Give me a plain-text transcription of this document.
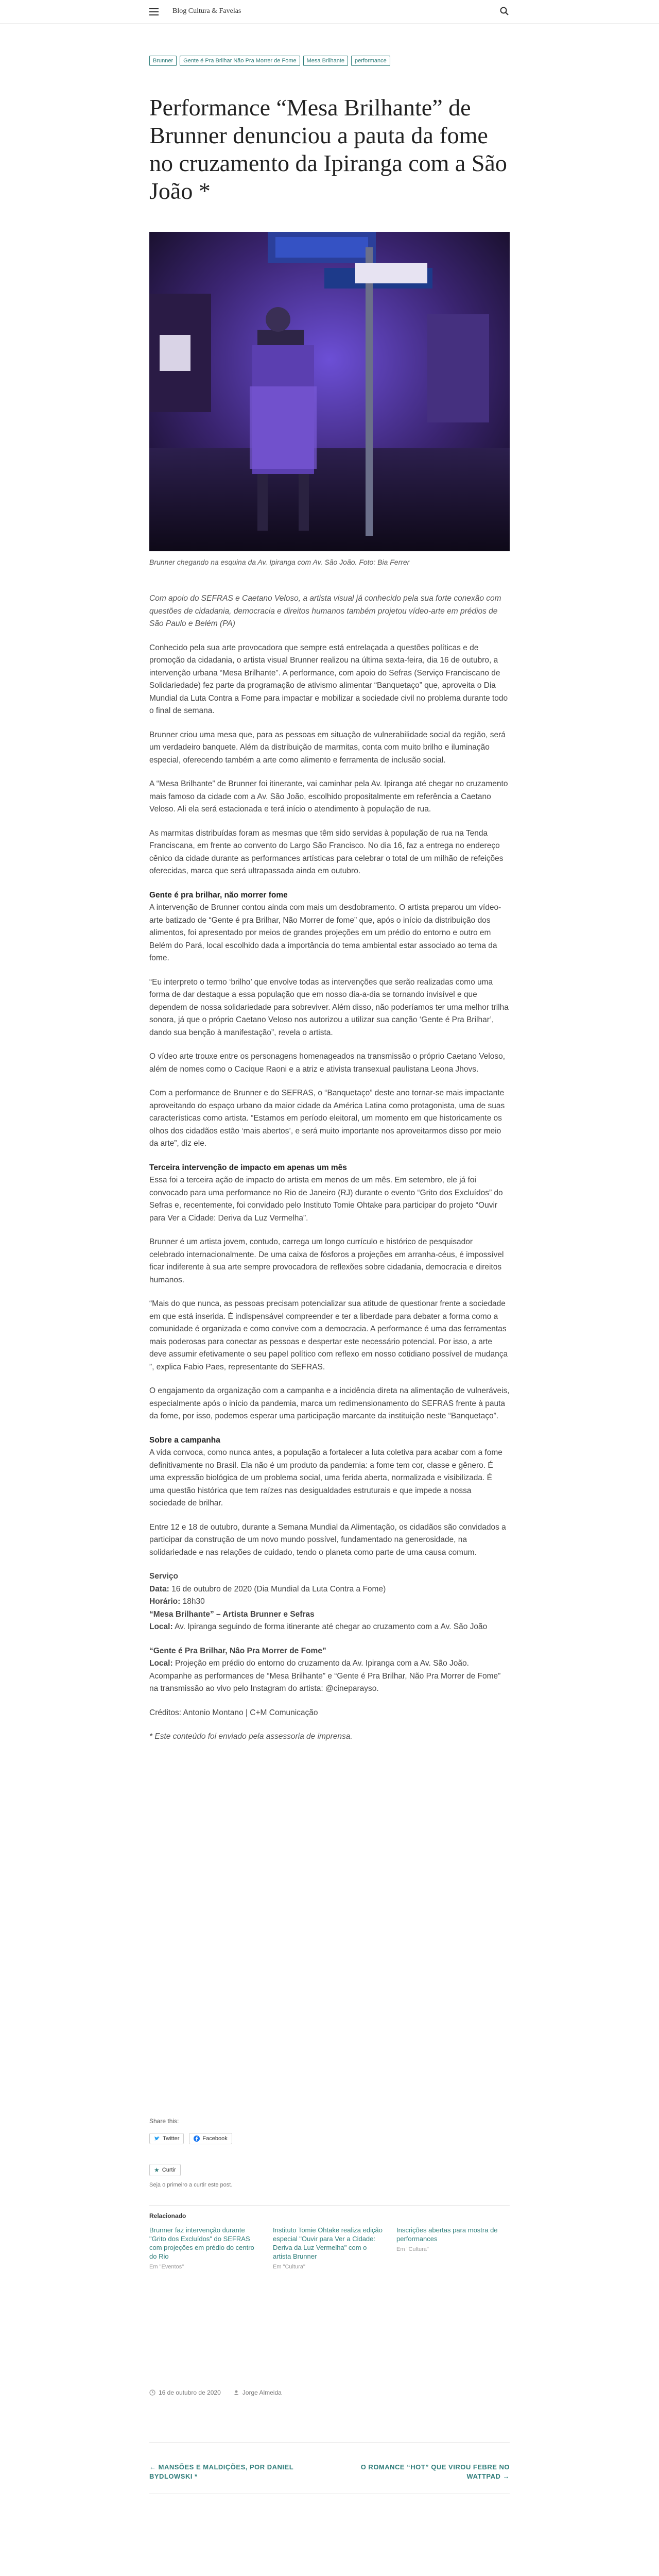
Blog Cultura & Favelas
Brunner	Gente é Pra Brilhar Não Pra Morrer de Fome	Mesa Brilhante	performance
Performance “Mesa Brilhante” de Brunner denunciou a pauta da fome no cruzamento da Ipiranga com a São João *

Brunner chegando na esquina da Av. Ipiranga com Av. São João. Foto: Bia Ferrer

Com apoio do SEFRAS e Caetano Veloso, a artista visual já conhecido pela sua forte conexão com questões de cidadania, democracia e direitos humanos também projetou vídeo-arte em prédios de São Paulo e Belém (PA)

Conhecido pela sua arte provocadora que sempre está entrelaçada a questões políticas e de promoção da cidadania, o artista visual Brunner realizou na última sexta-feira, dia 16 de outubro, a intervenção urbana “Mesa Brilhante”. A performance, com apoio do Sefras (Serviço Franciscano de Solidariedade) fez parte da programação de ativismo alimentar “Banquetaço” que, aproveita o Dia Mundial da Luta Contra a Fome para impactar e mobilizar a sociedade civil no problema durante todo o final de semana.

Brunner criou uma mesa que, para as pessoas em situação de vulnerabilidade social da região, será um verdadeiro banquete. Além da distribuição de marmitas, conta com muito brilho e iluminação especial, oferecendo também a arte como alimento e ferramenta de inclusão social.

A “Mesa Brilhante” de Brunner foi itinerante, vai caminhar pela Av. Ipiranga até chegar no cruzamento mais famoso da cidade com a Av. São João, escolhido propositalmente em referência a Caetano Veloso. Ali ela será estacionada e terá início o atendimento à população de rua.

As marmitas distribuídas foram as mesmas que têm sido servidas à população de rua na Tenda Franciscana, em frente ao convento do Largo São Francisco. No dia 16, faz a entrega no endereço cênico da cidade durante as performances artísticas para celebrar o total de um milhão de refeições oferecidas, marca que será ultrapassada ainda em outubro.

Gente é pra brilhar, não morrer fome

A intervenção de Brunner contou ainda com mais um desdobramento. O artista preparou um vídeo-arte batizado de “Gente é pra Brilhar, Não Morrer de fome” que, após o início da distribuição dos alimentos, foi apresentado por meios de grandes projeções em um prédio do entorno e outro em Belém do Pará, local escolhido dada a importância do tema ambiental estar associado ao tema da fome.

“Eu interpreto o termo ‘brilho’ que envolve todas as intervenções que serão realizadas como uma forma de dar destaque a essa população que em nosso dia-a-dia se tornando invisível e que dependem de nossa solidariedade para sobreviver. Além disso, não poderíamos ter uma melhor trilha sonora, já que o próprio Caetano Veloso nos autorizou a utilizar sua canção ‘Gente é Pra Brilhar’, dando sua benção à manifestação”, revela o artista.

O vídeo arte trouxe entre os personagens homenageados na transmissão o próprio Caetano Veloso, além de nomes como o Cacique Raoni e a atriz e ativista transexual paulistana Leona Jhovs.

Com a performance de Brunner e do SEFRAS, o “Banquetaço” deste ano tornar-se mais impactante aproveitando do espaço urbano da maior cidade da América Latina como protagonista, uma de suas características como artista. “Estamos em período eleitoral, um momento em que historicamente os olhos dos cidadãos estão ‘mais abertos’, e será muito importante nos aproveitarmos disso por meio da arte”, diz ele.

Terceira intervenção de impacto em apenas um mês

Essa foi a terceira ação de impacto do artista em menos de um mês. Em setembro, ele já foi convocado para uma performance no Rio de Janeiro (RJ) durante o evento “Grito dos Excluídos” do Sefras e, recentemente, foi convidado pelo Instituto Tomie Ohtake para participar do projeto “Ouvir para Ver a Cidade: Deriva da Luz Vermelha”.

Brunner é um artista jovem, contudo, carrega um longo currículo e histórico de pesquisador celebrado internacionalmente. De uma caixa de fósforos a projeções em arranha-céus, é impossível ficar indiferente à sua arte sempre provocadora de reflexões sobre cidadania, democracia e direitos humanos.

“Mais do que nunca, as pessoas precisam potencializar sua atitude de questionar frente a sociedade em que está inserida. É indispensável compreender e ter a liberdade para debater a forma como a comunidade é organizada e como convive com a democracia. A performance é uma das ferramentas mais poderosas para conectar as pessoas e despertar este necessário potencial. Por isso, a arte deve assumir efetivamente o seu papel político com reflexo em nosso cotidiano possível de mudança ”, explica Fabio Paes, representante do SEFRAS.

O engajamento da organização com a campanha e a incidência direta na alimentação de vulneráveis, especialmente após o início da pandemia, marca um redimensionamento do SEFRAS frente à pauta da fome, por isso, podemos esperar uma participação marcante da instituição neste “Banquetaço”.

Sobre a campanha

A vida convoca, como nunca antes, a população a fortalecer a luta coletiva para acabar com a fome definitivamente no Brasil. Ela não é um produto da pandemia: a fome tem cor, classe e gênero. É uma expressão biológica de um problema social, uma ferida aberta, normalizada e visibilizada. É uma questão histórica que tem raízes nas desigualdades estruturais e que impede a nossa sociedade de brilhar.

Entre 12 e 18 de outubro, durante a Semana Mundial da Alimentação, os cidadãos são convidados a participar da construção de um novo mundo possível, fundamentado na generosidade, na solidariedade e nas relações de cuidado, tendo o planeta como parte de uma causa comum.

Serviço
Data: 16 de outubro de 2020 (Dia Mundial da Luta Contra a Fome)
Horário: 18h30
“Mesa Brilhante” – Artista Brunner e Sefras
Local: Av. Ipiranga seguindo de forma itinerante até chegar ao cruzamento com a Av. São João

“Gente é Pra Brilhar, Nâo Pra Morrer de Fome”
Local: Projeção em prédio do entorno do cruzamento da Av. Ipiranga com a Av. São João.
Acompanhe as performances de “Mesa Brilhante” e “Gente é Pra Brilhar, Não Pra Morrer de Fome” na transmissão ao vivo pelo Instagram do artista: @cineparayso.

Créditos: Antonio Montano | C+M Comunicação

* Este conteúdo foi enviado pela assessoria de imprensa.

Share this:
Twitter	Facebook
★ Curtir
Seja o primeiro a curtir este post.
Relacionado
Brunner faz intervenção durante "Grito dos Excluídos" do SEFRAS com projeções em prédio do centro do Rio
Em "Eventos"
Instituto Tomie Ohtake realiza edição especial "Ouvir para Ver a Cidade: Deriva da Luz Vermelha" com o artista Brunner
Em "Cultura"
Inscrições abertas para mostra de performances
Em "Cultura"
16 de outubro de 2020	Jorge Almeida
← MANSÕES E MALDIÇÕES, POR DANIEL BYDLOWSKI *
O ROMANCE “HOT” QUE VIROU FEBRE NO WATTPAD →
